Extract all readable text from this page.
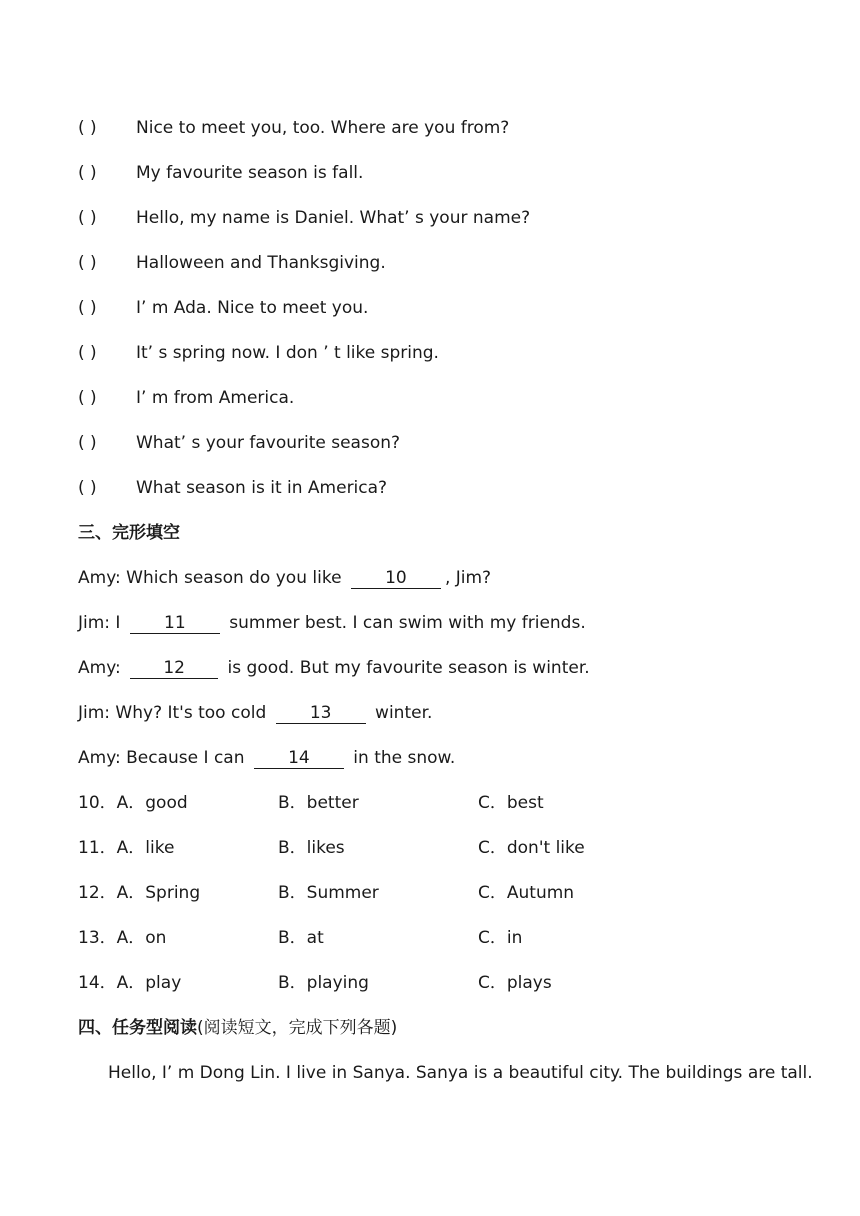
( ) Nice to meet you, too. Where are you from?
( ) My favourite season is fall.
( ) Hello, my name is Daniel. What’ s your name?
( ) Halloween and Thanksgiving.
( ) I’ m Ada. Nice to meet you.
( ) It’ s spring now. I don ’ t like spring.
( ) I’ m from America.
( ) What’ s your favourite season?
( ) What season is it in America?
三、完形填空
Amy: Which season do you like 10 , Jim?
Jim: I 11 summer best. I can swim with my friends.
Amy: 12 is good. But my favourite season is winter.
Jim: Why? It's too cold 13 winter.
Amy: Because I can 14 in the snow.
10．A．good	B．better	C．best
11．A．like	B．likes	C．don't like
12．A．Spring	B．Summer	C．Autumn
13．A．on	B．at	C．in
14．A．play	B．playing	C．plays
四、任务型阅读(阅读短文，完成下列各题)
Hello, I’ m Dong Lin. I live in Sanya. Sanya is a beautiful city. The buildings are tall.
